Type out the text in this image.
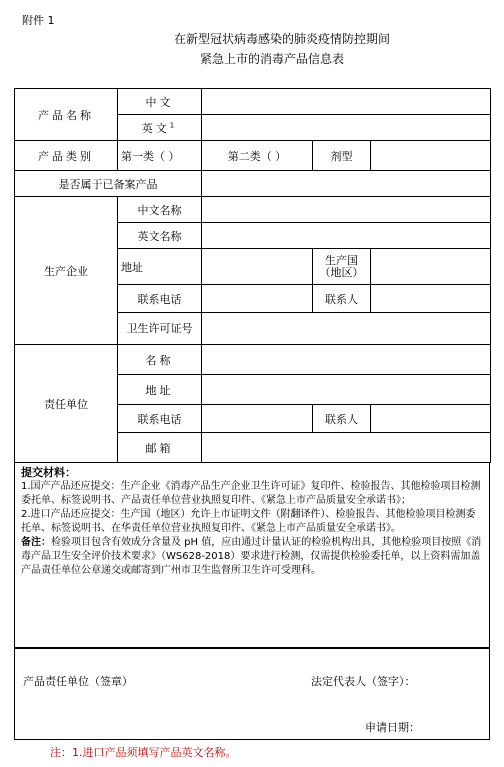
附件 1
在新型冠状病毒感染的肺炎疫情防控期间
紧急上市的消毒产品信息表
产品名称	中文			
	英文$^1$	
产品类别	第一类（ ）	第二类（ ）	剂型	
是否属于已备案产品				
生产企业	中文名称			
	英文名称			
	地址		生产国（地区）	
	联系电话		联系人	
	卫生许可证号			
责任单位	名称			
	地址			
	联系电话		联系人	
	邮箱			
提交材料：
1.国产产品还应提交：生产企业《消毒产品生产企业卫生许可证》复印件、检验报告、其他检验项目检测委托单、标签说明书、产品责任单位营业执照复印件、《紧急上市产品质量安全承诺书》；
2.进口产品还应提交：生产国（地区）允许上市证明文件（附翻译件）、检验报告、其他检验项目检测委托单、标签说明书、在华责任单位营业执照复印件、《紧急上市产品质量安全承诺书》。
备注：检验项目包含有效成分含量及 pH 值，应由通过计量认证的检验机构出具，其他检验项目按照《消毒产品卫生安全评价技术要求》（WS628-2018）要求进行检测，仅需提供检验委托单，以上资料需加盖产品责任单位公章递交或邮寄到广州市卫生监督所卫生许可受理科。
产品责任单位（签章）	法定代表人（签字）：
申请日期：
注：1.进口产品须填写产品英文名称。
